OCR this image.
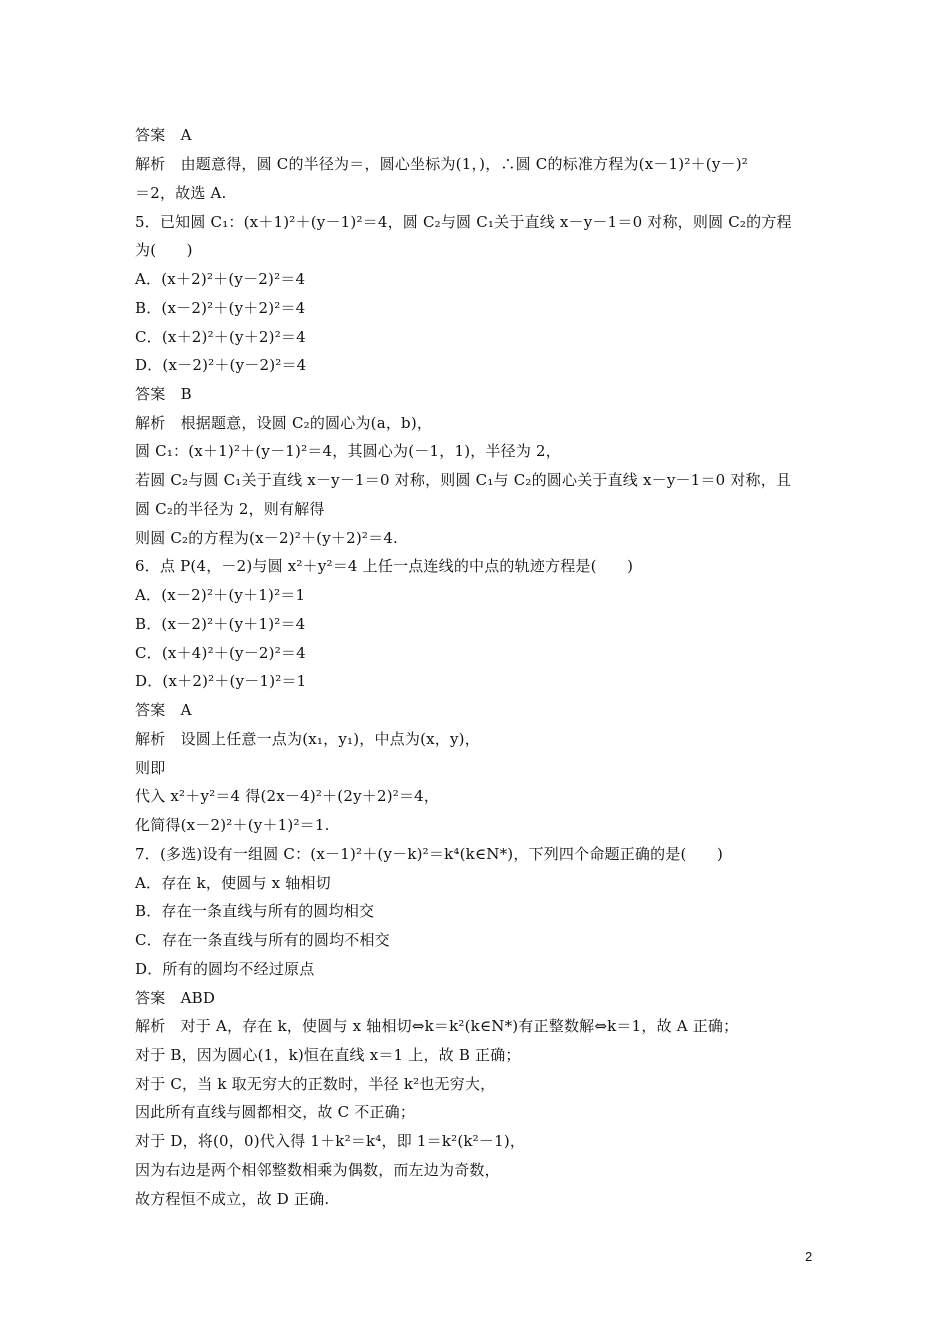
答案　A
解析　由题意得，圆 C的半径为＝，圆心坐标为(1，)，∴圆 C的标准方程为(x－1)²＋(y－)²
＝2，故选 A.
5．已知圆 C₁：(x＋1)²＋(y－1)²＝4，圆 C₂与圆 C₁关于直线 x－y－1＝0 对称，则圆 C₂的方程
为(　　)
A．(x＋2)²＋(y－2)²＝4
B．(x－2)²＋(y＋2)²＝4
C．(x＋2)²＋(y＋2)²＝4
D．(x－2)²＋(y－2)²＝4
答案　B
解析　根据题意，设圆 C₂的圆心为(a，b)，
圆 C₁：(x＋1)²＋(y－1)²＝4，其圆心为(－1，1)，半径为 2，
若圆 C₂与圆 C₁关于直线 x－y－1＝0 对称，则圆 C₁与 C₂的圆心关于直线 x－y－1＝0 对称，且
圆 C₂的半径为 2，则有解得
则圆 C₂的方程为(x－2)²＋(y＋2)²＝4.
6．点 P(4，－2)与圆 x²＋y²＝4 上任一点连线的中点的轨迹方程是(　　)
A．(x－2)²＋(y＋1)²＝1
B．(x－2)²＋(y＋1)²＝4
C．(x＋4)²＋(y－2)²＝4
D．(x＋2)²＋(y－1)²＝1
答案　A
解析　设圆上任意一点为(x₁，y₁)，中点为(x，y)，
则即
代入 x²＋y²＝4 得(2x－4)²＋(2y＋2)²＝4，
化简得(x－2)²＋(y＋1)²＝1.
7．(多选)设有一组圆 C：(x－1)²＋(y－k)²＝k⁴(k∈N*)，下列四个命题正确的是(　　)
A．存在 k，使圆与 x 轴相切
B．存在一条直线与所有的圆均相交
C．存在一条直线与所有的圆均不相交
D．所有的圆均不经过原点
答案　ABD
解析　对于 A，存在 k，使圆与 x 轴相切⇔k＝k²(k∈N*)有正整数解⇔k＝1，故 A 正确；
对于 B，因为圆心(1，k)恒在直线 x＝1 上，故 B 正确；
对于 C，当 k 取无穷大的正数时，半径 k²也无穷大，
因此所有直线与圆都相交，故 C 不正确；
对于 D，将(0，0)代入得 1＋k²＝k⁴，即 1＝k²(k²－1)，
因为右边是两个相邻整数相乘为偶数，而左边为奇数，
故方程恒不成立，故 D 正确.
2
